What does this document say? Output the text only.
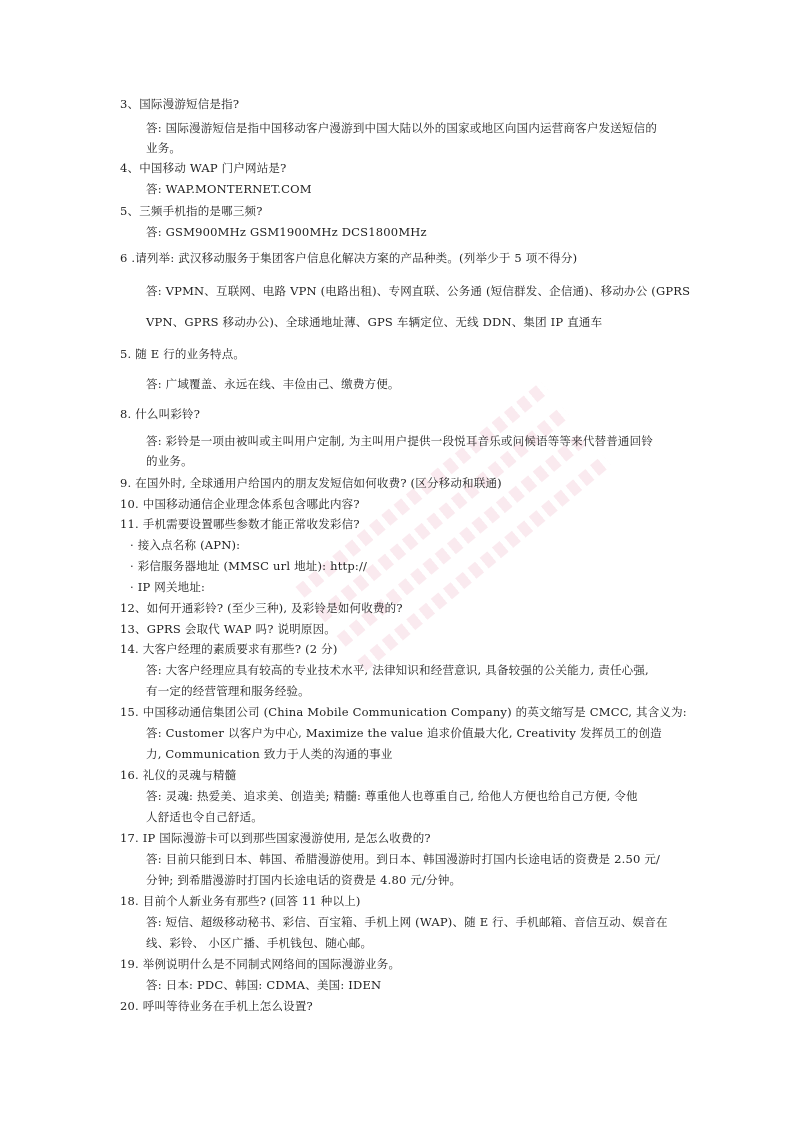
3、国际漫游短信是指?
答: 国际漫游短信是指中国移动客户漫游到中国大陆以外的国家或地区向国内运营商客户发送短信的
业务。
4、中国移动 WAP 门户网站是?
答: WAP.MONTERNET.COM
5、三频手机指的是哪三频?
答: GSM900MHz GSM1900MHz DCS1800MHz
6 .请列举: 武汉移动服务于集团客户信息化解决方案的产品种类。(列举少于 5 项不得分)
答: VPMN、互联网、电路 VPN (电路出租)、专网直联、公务通 (短信群发、企信通)、移动办公 (GPRS
VPN、GPRS 移动办公)、全球通地址薄、GPS 车辆定位、无线 DDN、集团 IP 直通车
5. 随 E 行的业务特点。
答: 广域覆盖、永远在线、丰俭由己、缴费方便。
8. 什么叫彩铃?
答: 彩铃是一项由被叫或主叫用户定制, 为主叫用户提供一段悦耳音乐或问候语等等来代替普通回铃
的业务。
9. 在国外时, 全球通用户给国内的朋友发短信如何收费? (区分移动和联通)
10. 中国移动通信企业理念体系包含哪此内容?
11. 手机需要设置哪些参数才能正常收发彩信?
· 接入点名称 (APN):
· 彩信服务器地址 (MMSC url 地址): http://
· IP 网关地址:
12、如何开通彩铃? (至少三种), 及彩铃是如何收费的?
13、GPRS 会取代 WAP 吗? 说明原因。
14. 大客户经理的素质要求有那些? (2 分)
答: 大客户经理应具有较高的专业技术水平, 法律知识和经营意识, 具备较强的公关能力, 责任心强,
有一定的经营管理和服务经验。
15. 中国移动通信集团公司 (China Mobile Communication Company) 的英文缩写是 CMCC, 其含义为:
答: Customer 以客户为中心, Maximize the value 追求价值最大化, Creativity 发挥员工的创造
力, Communication 致力于人类的沟通的事业
16. 礼仪的灵魂与精髓
答: 灵魂: 热爱美、追求美、创造美; 精髓: 尊重他人也尊重自己, 给他人方便也给自己方便, 令他
人舒适也令自己舒适。
17. IP 国际漫游卡可以到那些国家漫游使用, 是怎么收费的?
答: 目前只能到日本、韩国、希腊漫游使用。到日本、韩国漫游时打国内长途电话的资费是 2.50 元/
分钟; 到希腊漫游时打国内长途电话的资费是 4.80 元/分钟。
18. 目前个人新业务有那些? (回答 11 种以上)
答: 短信、超级移动秘书、彩信、百宝箱、手机上网 (WAP)、随 E 行、手机邮箱、音信互动、娱音在
线、彩铃、 小区广播、手机钱包、随心邮。
19. 举例说明什么是不同制式网络间的国际漫游业务。
答: 日本: PDC、韩国: CDMA、美国: IDEN
20. 呼叫等待业务在手机上怎么设置?
